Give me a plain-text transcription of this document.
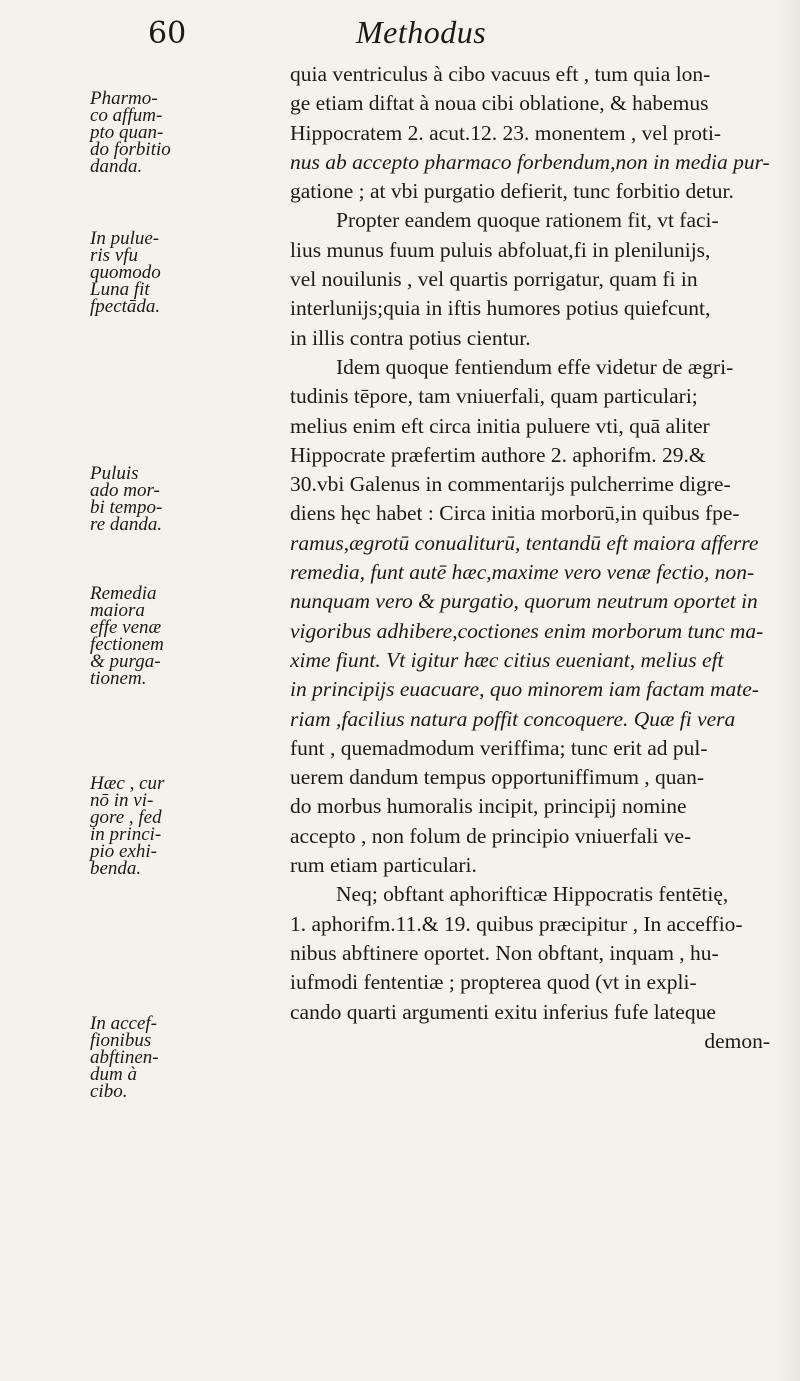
60	Methodus
Pharmo-
co affum-
pto quan-
do forbitio
danda.
In pulue-
ris vfu
quomodo
Luna fit
fpectāda.
Puluis
ado mor-
bi tempo-
re danda.
Remedia
maiora
effe venæ
fectionem
& purga-
tionem.
Hæc , cur
nō in vi-
gore , fed
in princi-
pio exhi-
benda.
In accef-
fionibus
abftinen-
dum à
cibo.
quia ventriculus à cibo vacuus eft , tum quia lon-
ge etiam diftat à noua cibi oblatione, & habemus
Hippocratem 2. acut.12. 23. monentem , vel proti-
nus ab accepto pharmaco forbendum,non in media pur-
gatione ; at vbi purgatio defierit, tunc forbitio detur.
Propter eandem quoque rationem fit, vt faci-
lius munus fuum puluis abfoluat,fi in plenilunijs,
vel nouilunis , vel quartis porrigatur, quam fi in
interlunijs;quia in iftis humores potius quiefcunt,
in illis contra potius cientur.
Idem quoque fentiendum effe videtur de ægri-
tudinis tēpore, tam vniuerfali, quam particulari;
melius enim eft circa initia puluere vti, quā aliter
Hippocrate præfertim authore 2. aphorifm. 29.&
30.vbi Galenus in commentarijs pulcherrime digre-
diens hęc habet : Circa initia morborū,in quibus fpe-
ramus,ægrotū conualiturū, tentandū eft maiora afferre
remedia, funt autē hæc,maxime vero venæ fectio, non-
nunquam vero & purgatio, quorum neutrum oportet in
vigoribus adhibere,coctiones enim morborum tunc ma-
xime fiunt. Vt igitur hæc citius eueniant, melius eft
in principijs euacuare, quo minorem iam factam mate-
riam ,facilius natura poffit concoquere. Quæ fi vera
funt , quemadmodum veriffima; tunc erit ad pul-
uerem dandum tempus opportuniffimum , quan-
do morbus humoralis incipit, principij nomine
accepto , non folum de principio vniuerfali ve-
rum etiam particulari.
Neq; obftant aphorifticæ Hippocratis fentētię,
1. aphorifm.11.& 19. quibus præcipitur , In acceffio-
nibus abftinere oportet. Non obftant, inquam , hu-
iufmodi fententiæ ; propterea quod (vt in expli-
cando quarti argumenti exitu inferius fufe lateque
demon-
